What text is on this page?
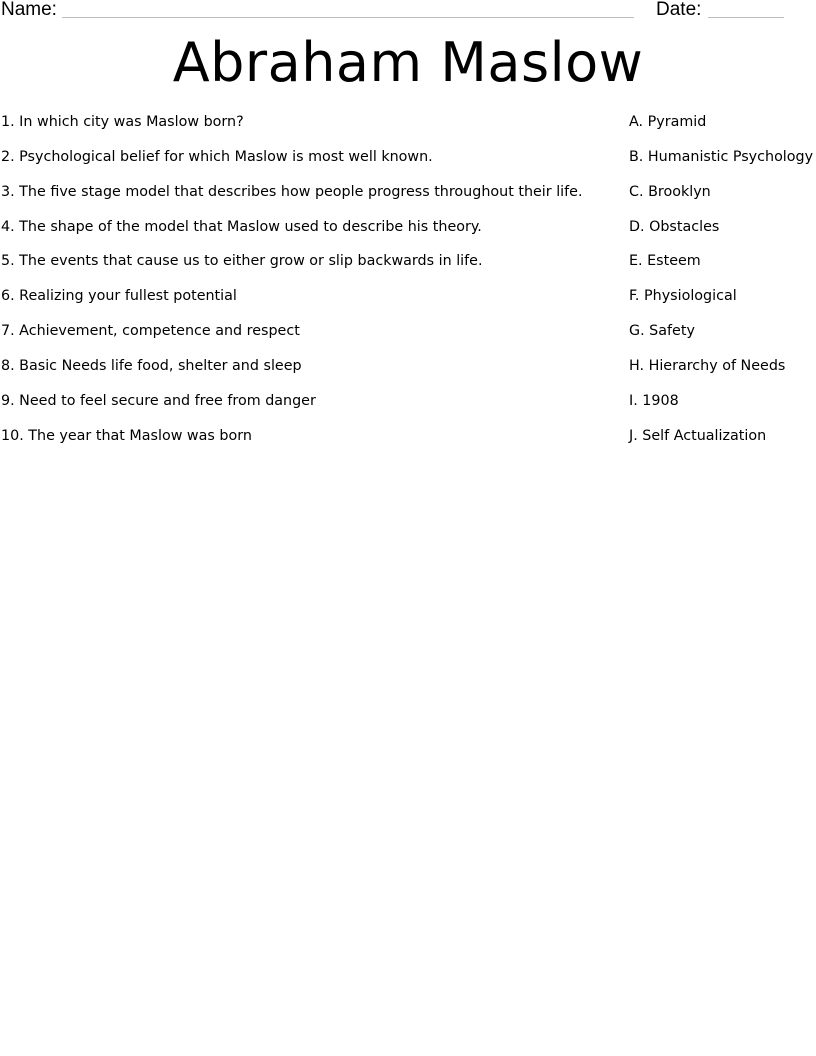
Name:	Date:
Abraham Maslow
1. In which city was Maslow born?
2. Psychological belief for which Maslow is most well known.
3. The five stage model that describes how people progress throughout their life.
4. The shape of the model that Maslow used to describe his theory.
5. The events that cause us to either grow or slip backwards in life.
6. Realizing your fullest potential
7. Achievement, competence and respect
8. Basic Needs life food, shelter and sleep
9. Need to feel secure and free from danger
10. The year that Maslow was born
A. Pyramid
B. Humanistic Psychology
C. Brooklyn
D. Obstacles
E. Esteem
F. Physiological
G. Safety
H. Hierarchy of Needs
I. 1908
J. Self Actualization
